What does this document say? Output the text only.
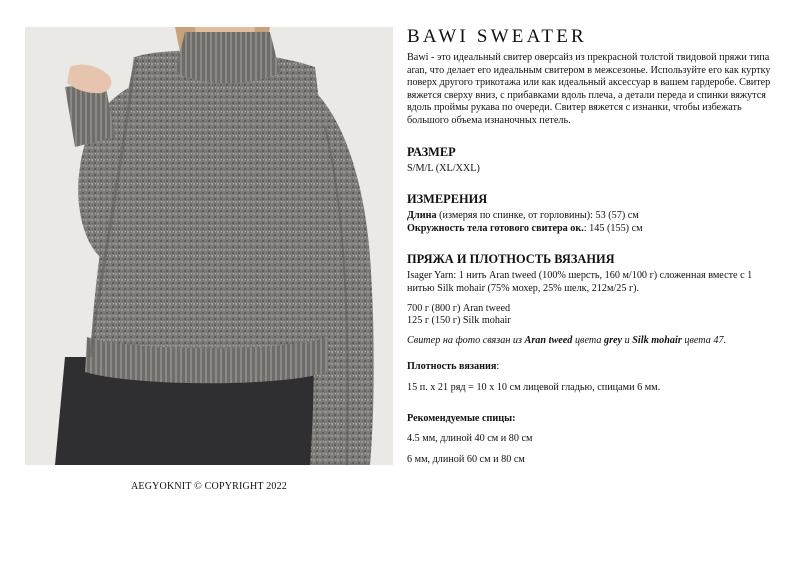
AEGYOKNIT © COPYRIGHT 2022
BAWI SWEATER

Bawi - это идеальный свитер оверсайз из прекрасной толстой твидовой пряжи типа aran, что делает его идеальным свитером в межсезонье. Используйте его как куртку поверх другого трикотажа или как идеальный аксессуар в вашем гардеробе. Свитер вяжется сверху вниз, с прибавками вдоль плеча, а детали переда и спинки вяжутся вдоль проймы рукава по очереди. Свитер вяжется с изнанки, чтобы избежать большого объема изнаночных петель.

РАЗМЕР

S/M/L (XL/XXL)

ИЗМЕРЕНИЯ

Длина (измеряя по спинке, от горловины): 53 (57) см

Окружность тела готового свитера ок.: 145 (155) см

ПРЯЖА И ПЛОТНОСТЬ ВЯЗАНИЯ

Isager Yarn: 1 нить Aran tweed (100% шерсть, 160 м/100 г) сложенная вместе с 1 нитью Silk mohair (75% мохер, 25% шелк, 212м/25 г).

700 г (800 г) Aran tweed

125 г (150 г) Silk mohair

Свитер на фото связан из Aran tweed цвета grey и Silk mohair цвета 47.

Плотность вязания:

15 п. x 21 ряд = 10 x 10 см лицевой гладью, спицами 6 мм.

Рекомендуемые спицы:

4.5 мм, длиной 40 см и 80 см

6 мм, длиной 60 см и 80 см
